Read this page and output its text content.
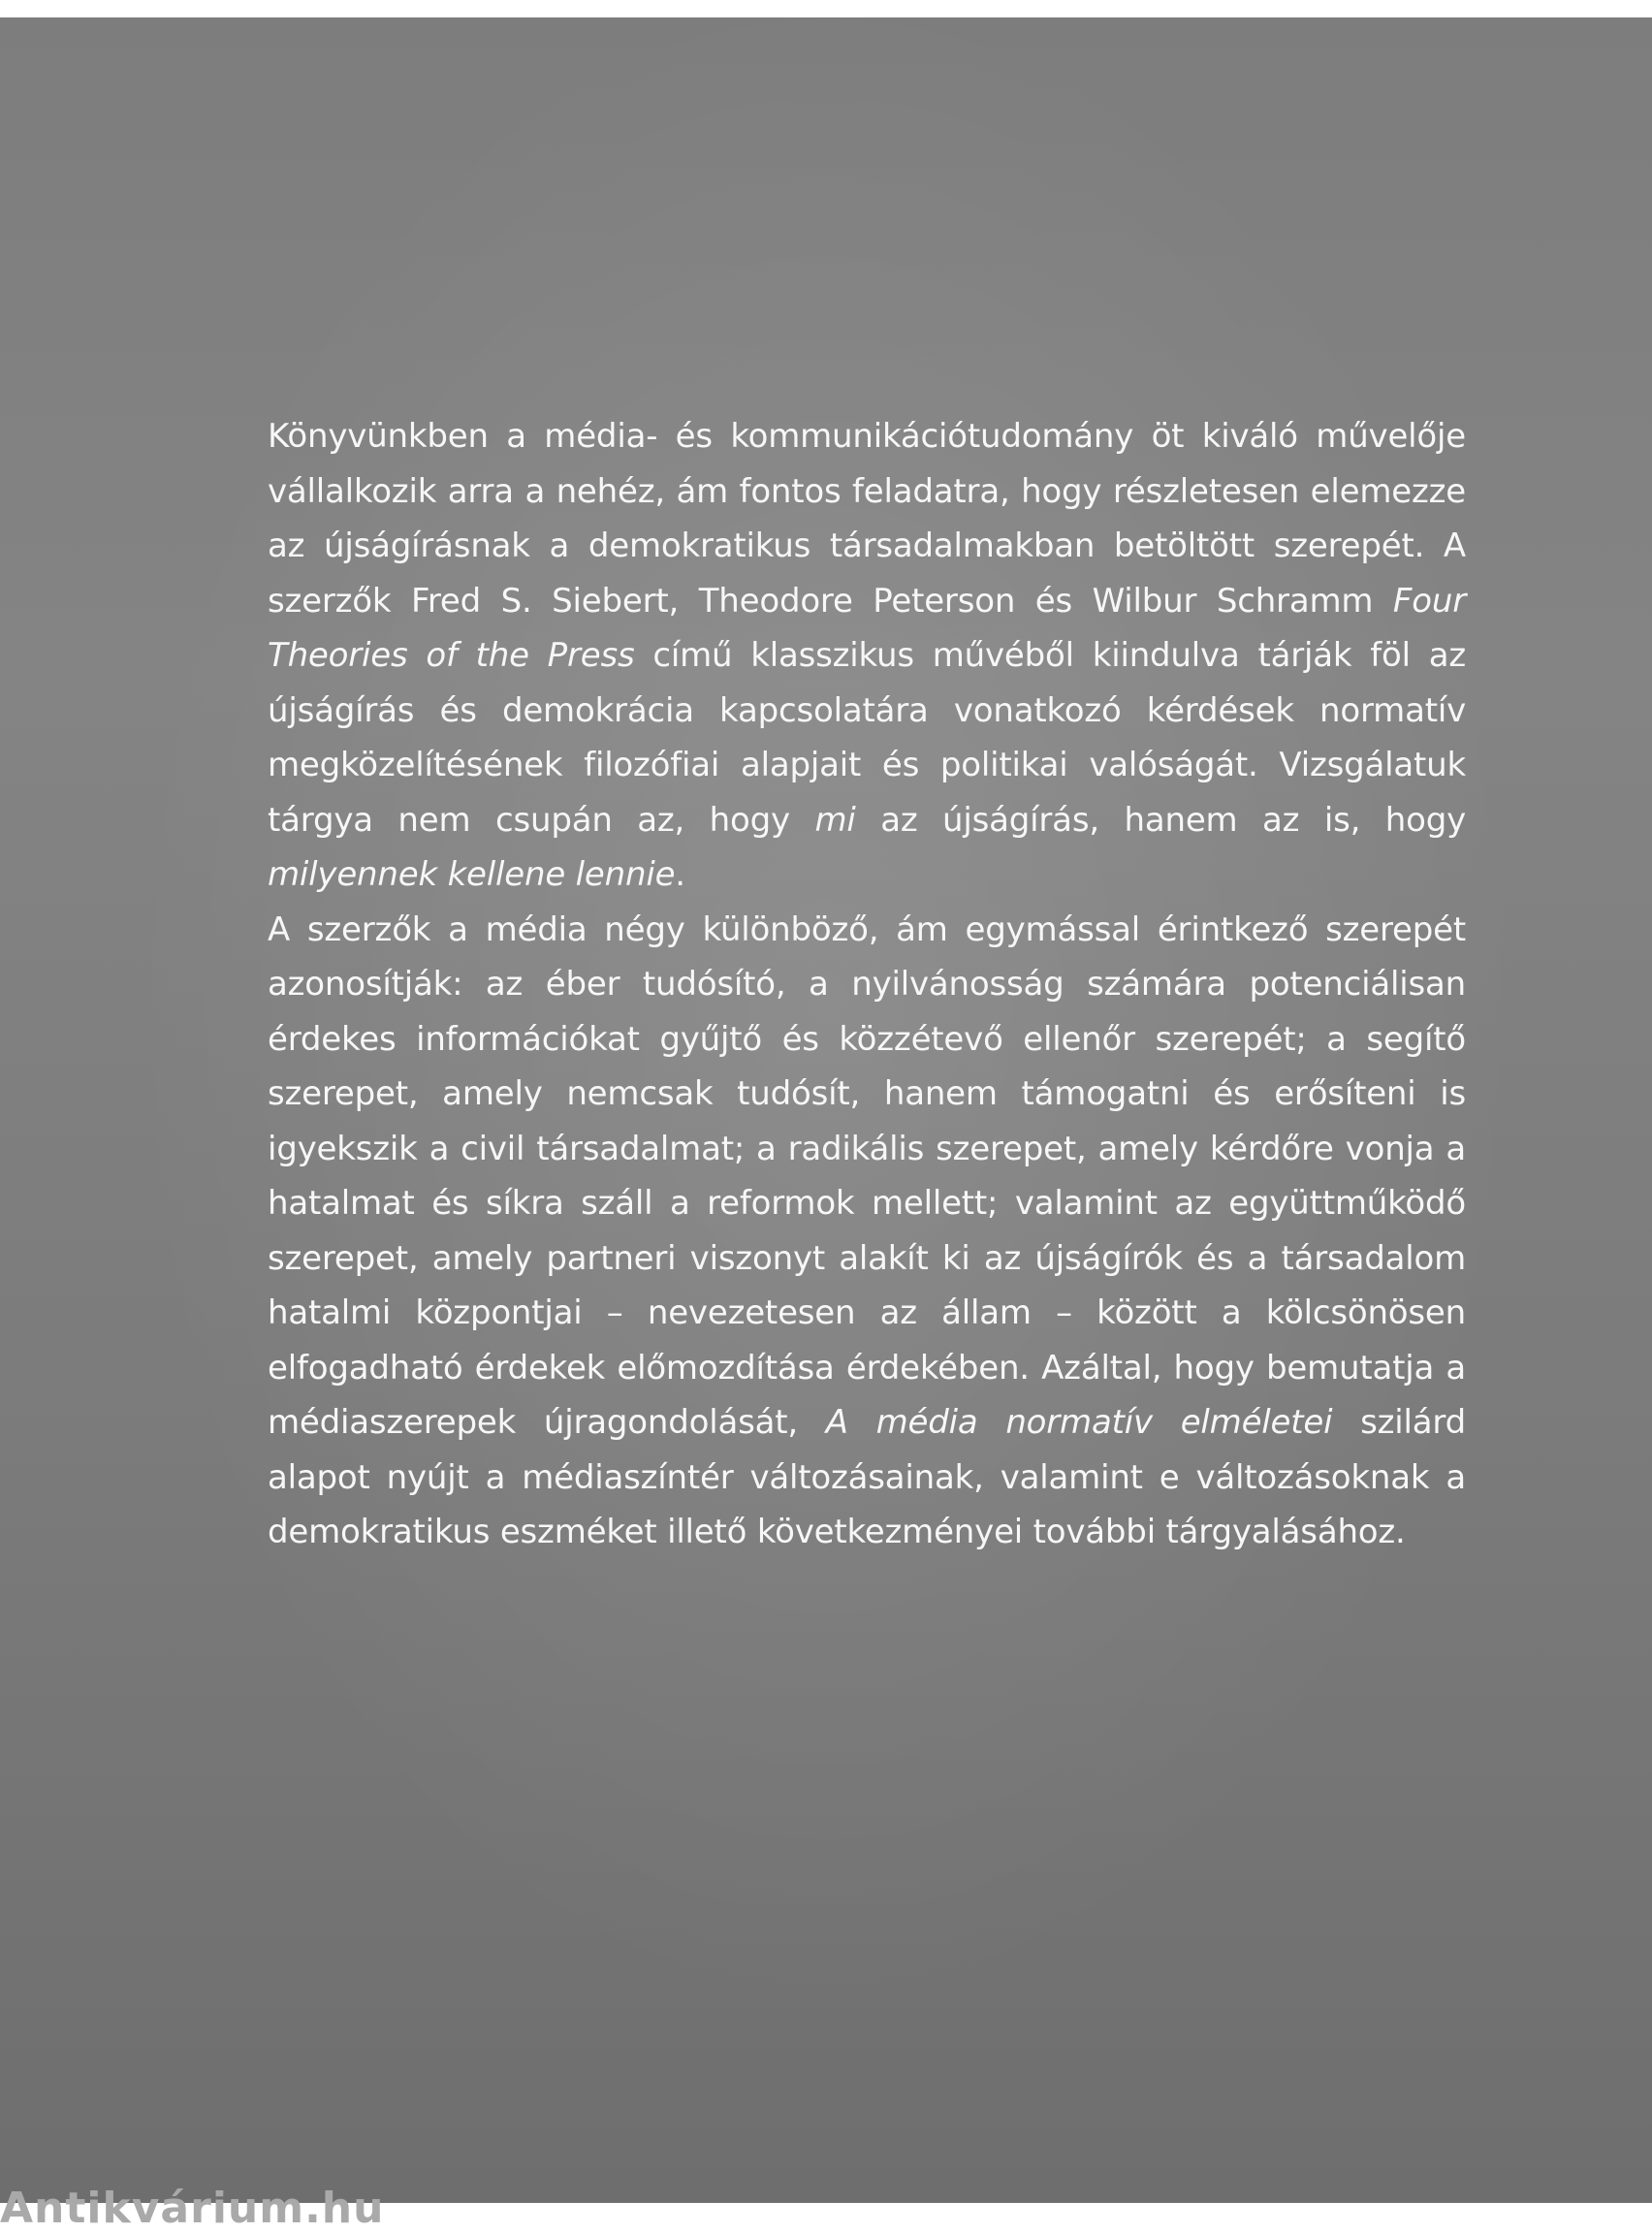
Könyvünkben a média- és kommunikációtudomány öt kiváló művelője vállalkozik arra a nehéz, ám fontos feladatra, hogy részletesen elemezze az újságírásnak a demokratikus társadalmakban betöltött szerepét. A szerzők Fred S. Siebert, Theodore Peterson és Wilbur Schramm Four Theories of the Press című klasszikus művéből kiindulva tárják föl az újságírás és demokrácia kapcsolatára vonatkozó kérdések normatív megközelítésének filozófiai alapjait és politikai valóságát. Vizsgálatuk tárgya nem csupán az, hogy mi az újságírás, hanem az is, hogy milyennek kellene lennie.

A szerzők a média négy különböző, ám egymással érintkező szerepét azonosítják: az éber tudósító, a nyilvánosság számára potenciálisan érdekes információkat gyűjtő és közzétevő ellenőr szerepét; a segítő szerepet, amely nemcsak tudósít, hanem támogatni és erősíteni is igyekszik a civil társadalmat; a radikális szerepet, amely kérdőre vonja a hatalmat és síkra száll a reformok mellett; valamint az együttműködő szerepet, amely partneri viszonyt alakít ki az újságírók és a társadalom hatalmi központjai – nevezetesen az állam – között a kölcsönösen elfogadható érdekek előmozdítása érdekében. Azáltal, hogy bemutatja a médiaszerepek újragondolását, A média normatív elméletei szilárd alapot nyújt a médiaszíntér változásainak, valamint e változásoknak a demokratikus eszméket illető következményei további tárgyalásához.

Antikvárium.hu
